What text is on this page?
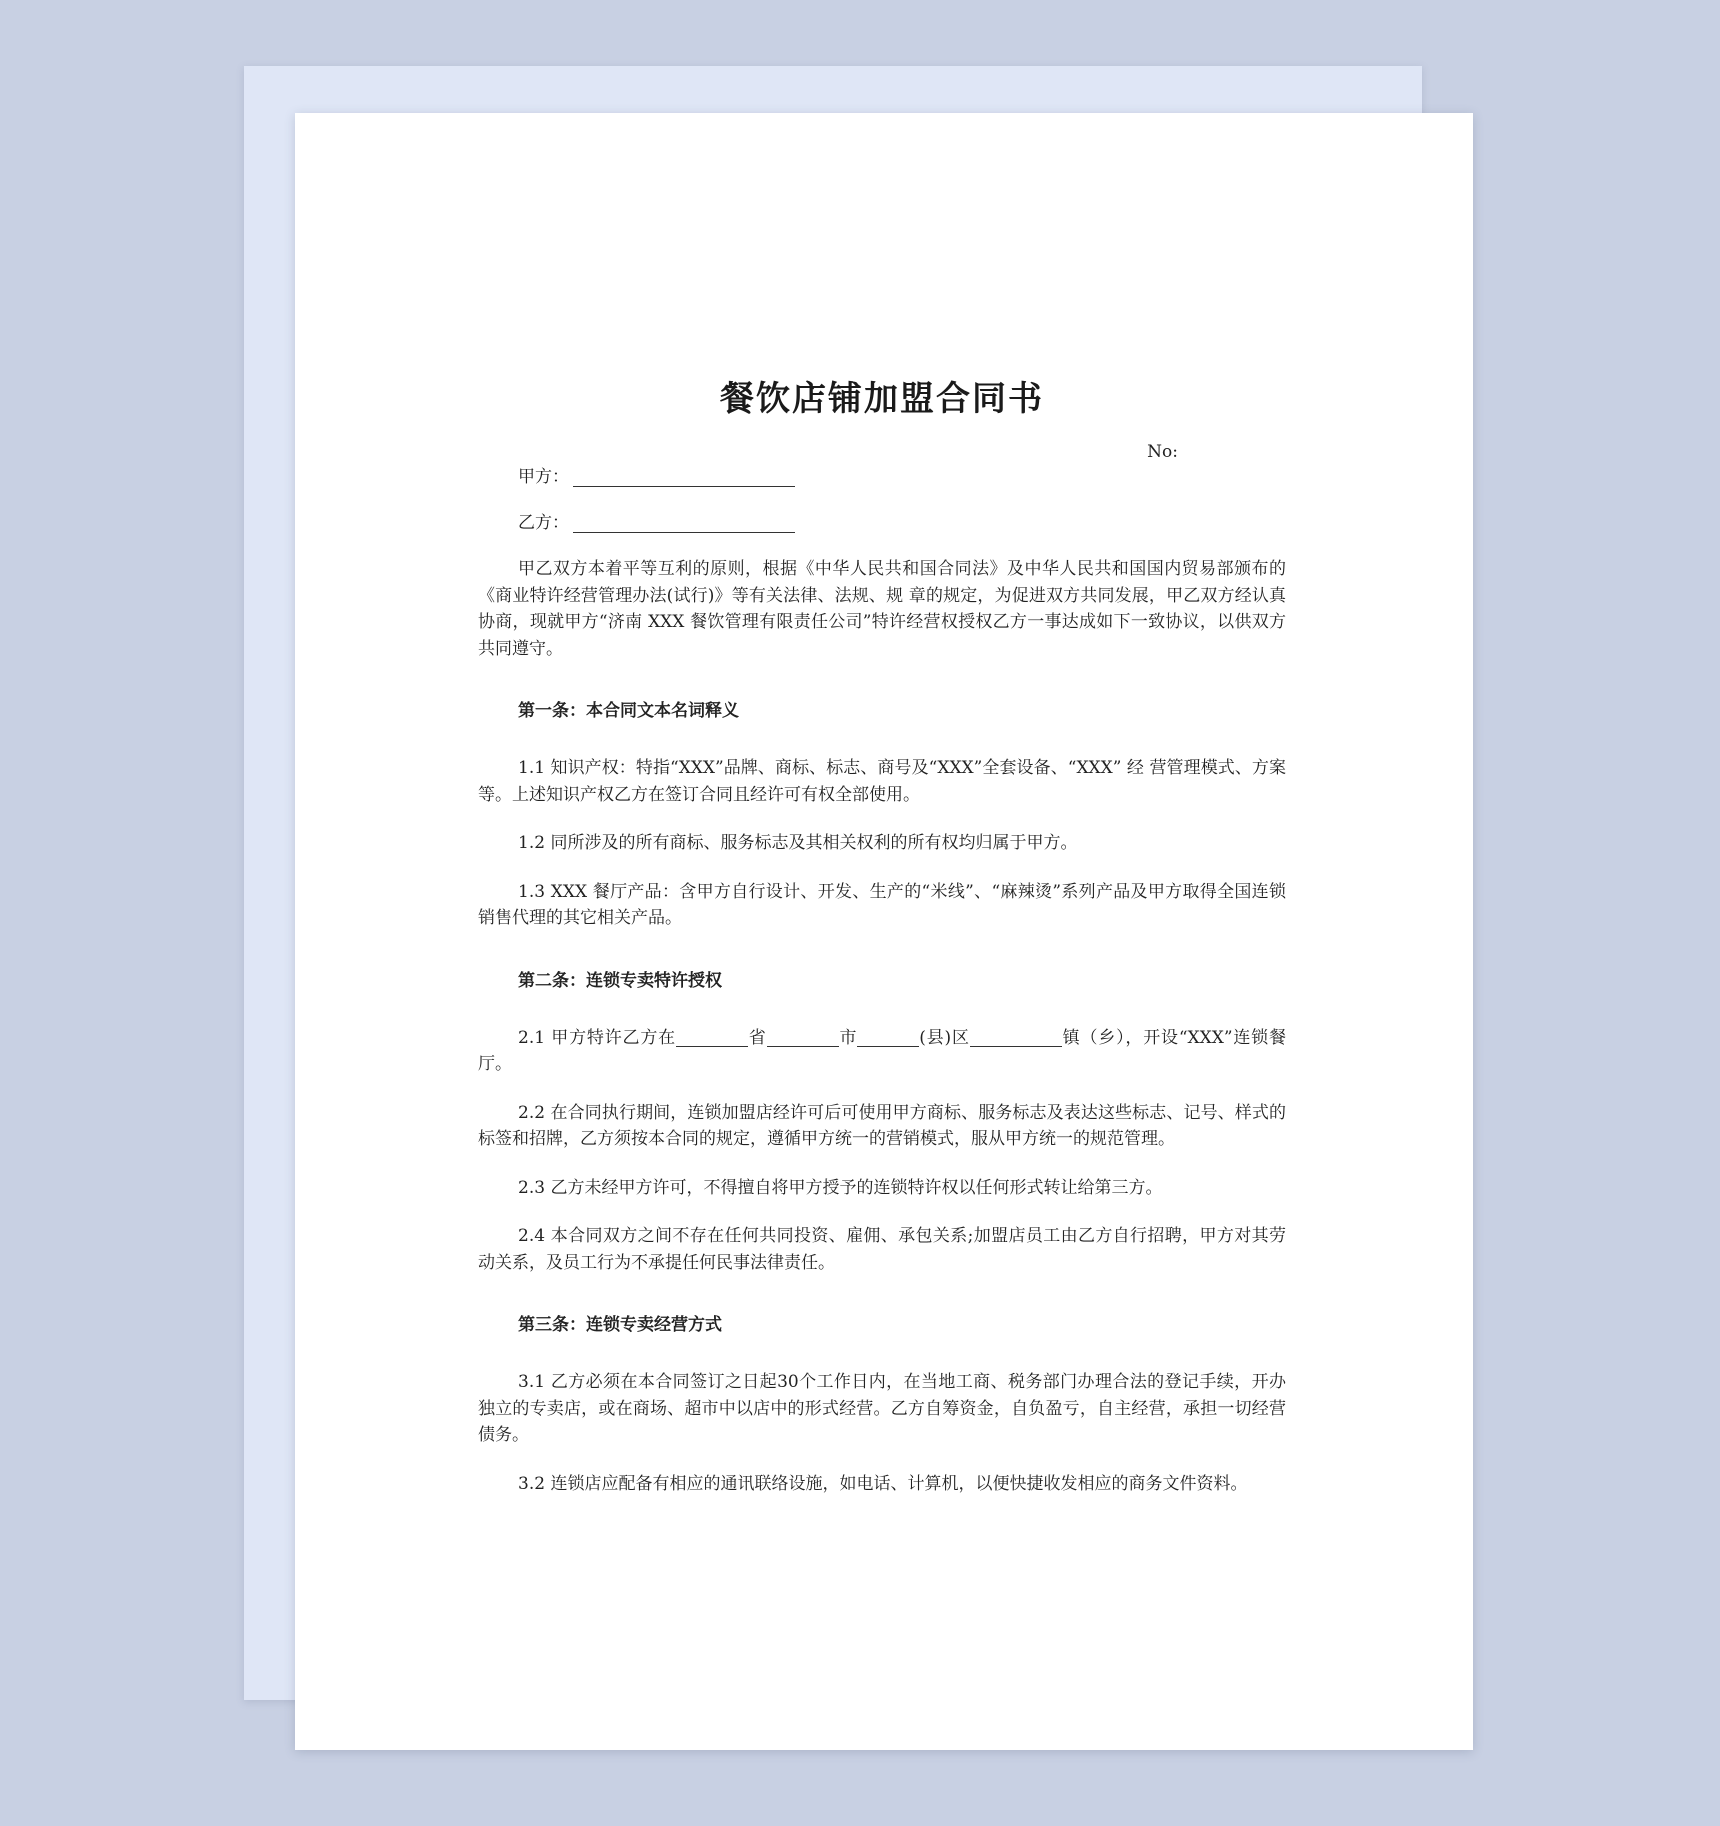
餐饮店铺加盟合同书
No:
甲方：
乙方：

甲乙双方本着平等互利的原则，根据《中华人民共和国合同法》及中华人民共和国国内贸易部颁布的《商业特许经营管理办法(试行)》等有关法律、法规、规 章的规定，为促进双方共同发展，甲乙双方经认真协商，现就甲方“济南 XXX 餐饮管理有限责任公司”特许经营权授权乙方一事达成如下一致协议，以供双方共同遵守。

第一条：本合同文本名词释义

1.1 知识产权：特指“XXX”品牌、商标、标志、商号及“XXX”全套设备、“XXX” 经 营管理模式、方案等。上述知识产权乙方在签订合同且经许可有权全部使用。

1.2 同所涉及的所有商标、服务标志及其相关权利的所有权均归属于甲方。

1.3 XXX 餐厅产品：含甲方自行设计、开发、生产的“米线”、“麻辣烫”系列产品及甲方取得全国连锁销售代理的其它相关产品。

第二条：连锁专卖特许授权

2.1 甲方特许乙方在	省	市	(县)区	镇（乡），开设“XXX”连锁餐厅。

2.2 在合同执行期间，连锁加盟店经许可后可使用甲方商标、服务标志及表达这些标志、记号、样式的标签和招牌，乙方须按本合同的规定，遵循甲方统一的营销模式，服从甲方统一的规范管理。

2.3 乙方未经甲方许可，不得擅自将甲方授予的连锁特许权以任何形式转让给第三方。

2.4 本合同双方之间不存在任何共同投资、雇佣、承包关系;加盟店员工由乙方自行招聘，甲方对其劳动关系，及员工行为不承提任何民事法律责任。

第三条：连锁专卖经营方式

3.1 乙方必须在本合同签订之日起30个工作日内，在当地工商、税务部门办理合法的登记手续，开办独立的专卖店，或在商场、超市中以店中的形式经营。乙方自筹资金，自负盈亏，自主经营，承担一切经营债务。

3.2 连锁店应配备有相应的通讯联络设施，如电话、计算机，以便快捷收发相应的商务文件资料。
